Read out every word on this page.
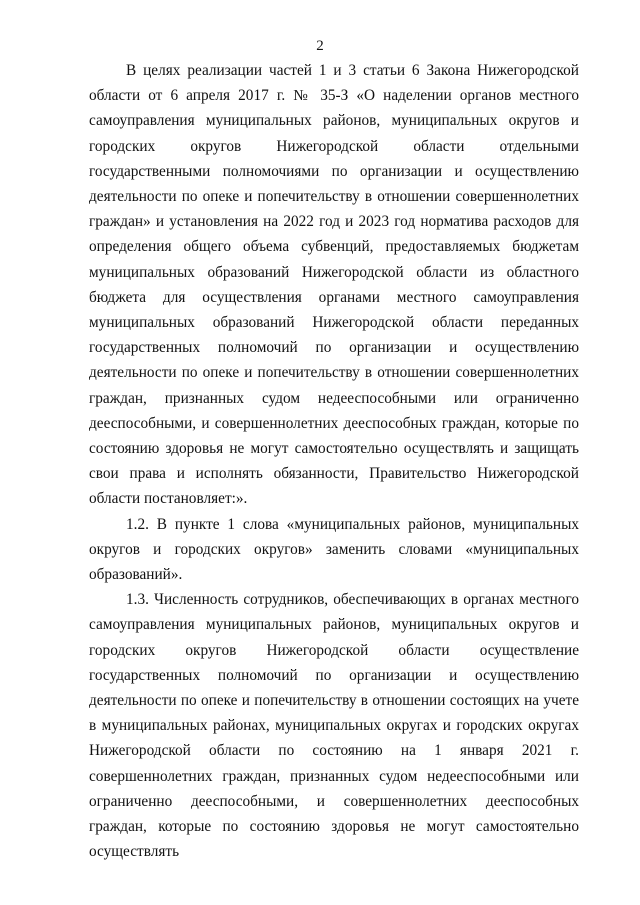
2

В целях реализации частей 1 и 3 статьи 6 Закона Нижегородской области от 6 апреля 2017 г. № 35-З «О наделении органов местного самоуправления муниципальных районов, муниципальных округов и городских округов Нижегородской области отдельными государственными полномочиями по организации и осуществлению деятельности по опеке и попечительству в отношении совершеннолетних граждан» и установления на 2022 год и 2023 год норматива расходов для определения общего объема субвенций, предоставляемых бюджетам муниципальных образований Нижегородской области из областного бюджета для осуществления органами местного самоуправления муниципальных образований Нижегородской области переданных государственных полномочий по организации и осуществлению деятельности по опеке и попечительству в отношении совершеннолетних граждан, признанных судом недееспособными или ограниченно дееспособными, и совершеннолетних дееспособных граждан, которые по состоянию здоровья не могут самостоятельно осуществлять и защищать свои права и исполнять обязанности, Правительство Нижегородской области постановляет:».

1.2. В пункте 1 слова «муниципальных районов, муниципальных округов и городских округов» заменить словами «муниципальных образований».

1.3. Численность сотрудников, обеспечивающих в органах местного самоуправления муниципальных районов, муниципальных округов и городских округов Нижегородской области осуществление государственных полномочий по организации и осуществлению деятельности по опеке и попечительству в отношении состоящих на учете в муниципальных районах, муниципальных округах и городских округах Нижегородской области по состоянию на 1 января 2021 г. совершеннолетних граждан, признанных судом недееспособными или ограниченно дееспособными, и совершеннолетних дееспособных граждан, которые по состоянию здоровья не могут самостоятельно осуществлять
